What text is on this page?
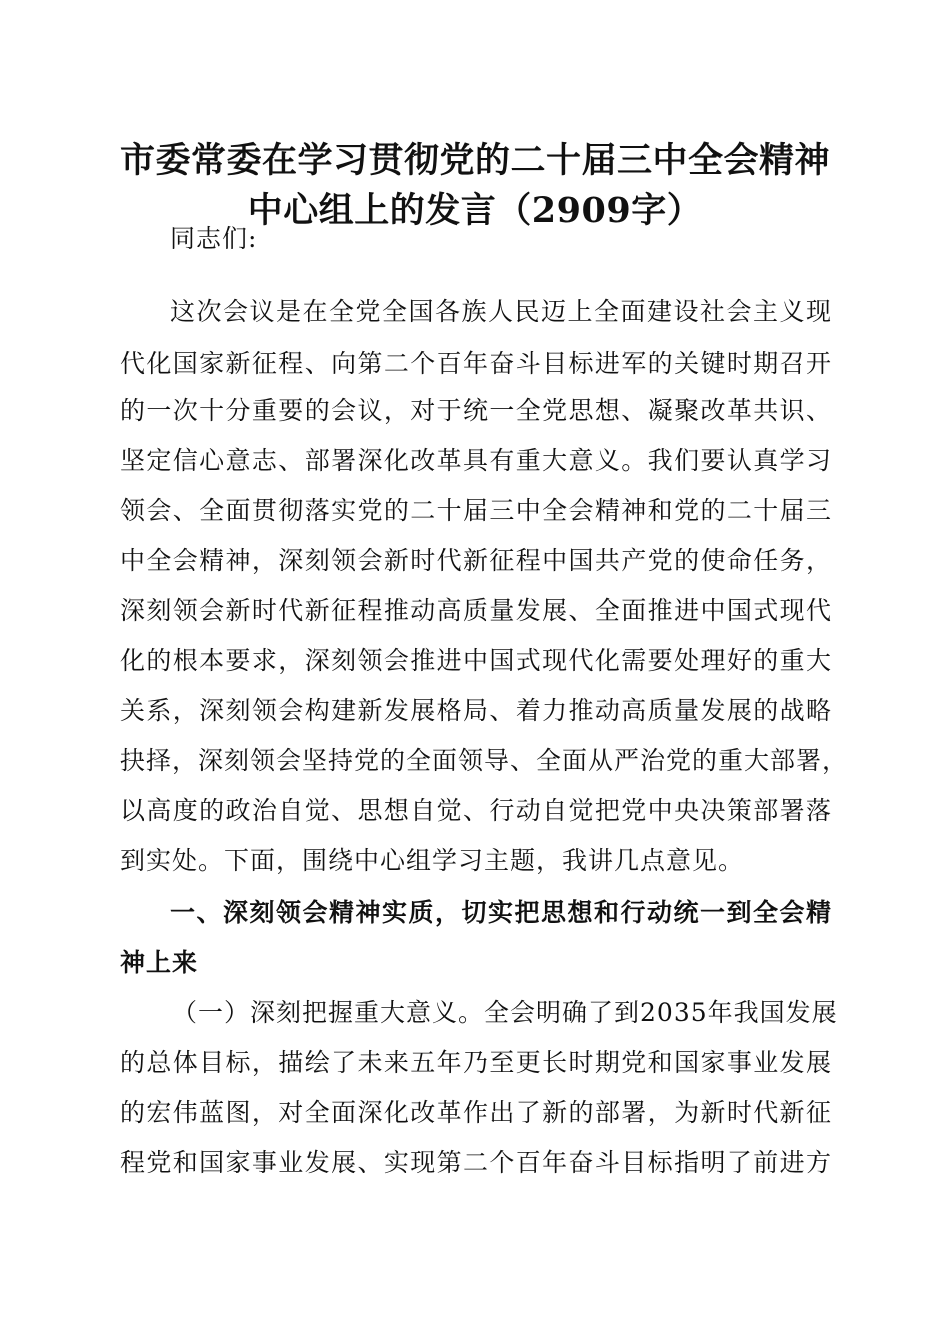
市委常委在学习贯彻党的二十届三中全会精神
中心组上的发言（2909字）
同志们:
这次会议是在全党全国各族人民迈上全面建设社会主义现
代化国家新征程、向第二个百年奋斗目标进军的关键时期召开
的一次十分重要的会议，对于统一全党思想、凝聚改革共识、
坚定信心意志、部署深化改革具有重大意义。我们要认真学习
领会、全面贯彻落实党的二十届三中全会精神和党的二十届三
中全会精神，深刻领会新时代新征程中国共产党的使命任务，
深刻领会新时代新征程推动高质量发展、全面推进中国式现代
化的根本要求，深刻领会推进中国式现代化需要处理好的重大
关系，深刻领会构建新发展格局、着力推动高质量发展的战略
抉择，深刻领会坚持党的全面领导、全面从严治党的重大部署，
以高度的政治自觉、思想自觉、行动自觉把党中央决策部署落
到实处。下面，围绕中心组学习主题，我讲几点意见。
一、深刻领会精神实质，切实把思想和行动统一到全会精
神上来
（一）深刻把握重大意义。全会明确了到2035年我国发展
的总体目标，描绘了未来五年乃至更长时期党和国家事业发展
的宏伟蓝图，对全面深化改革作出了新的部署，为新时代新征
程党和国家事业发展、实现第二个百年奋斗目标指明了前进方
